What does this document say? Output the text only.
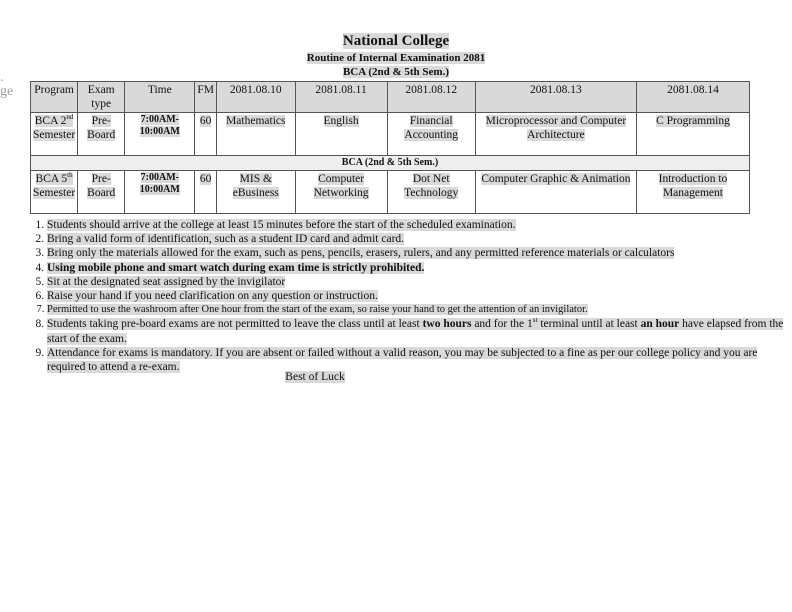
National College
Routine of Internal Examination 2081
BCA (2nd & 5th Sem.)
.
ge Program	Exam type	Time	FM	2081.08.10	2081.08.11	2081.08.12	2081.08.13	2081.08.14
BCA 2nd
Semester	Pre-Board	7:00AM-10:00AM	60	Mathematics	English	Financial Accounting	Microprocessor and Computer Architecture	C Programming
BCA (2nd & 5th Sem.)								
BCA 5th
Semester	Pre-Board	7:00AM-10:00AM	60	MIS & eBusiness	Computer Networking	Dot Net Technology	Computer Graphic & Animation	Introduction to Management
1. Students should arrive at the college at least 15 minutes before the start of the scheduled examination.
2. Bring a valid form of identification, such as a student ID card and admit card.
3. Bring only the materials allowed for the exam, such as pens, pencils, erasers, rulers, and any permitted reference materials or calculators
4. Using mobile phone and smart watch during exam time is strictly prohibited.
5. Sit at the designated seat assigned by the invigilator
6. Raise your hand if you need clarification on any question or instruction.
7. Permitted to use the washroom after One hour from the start of the exam, so raise your hand to get the attention of an invigilator.
8. Students taking pre-board exams are not permitted to leave the class until at least two hours and for the 1st terminal until at least an hour have elapsed from the start of the exam.
9. Attendance for exams is mandatory. If you are absent or failed without a valid reason, you may be subjected to a fine as per our college policy and you are required to attend a re-exam.
Best of Luck
